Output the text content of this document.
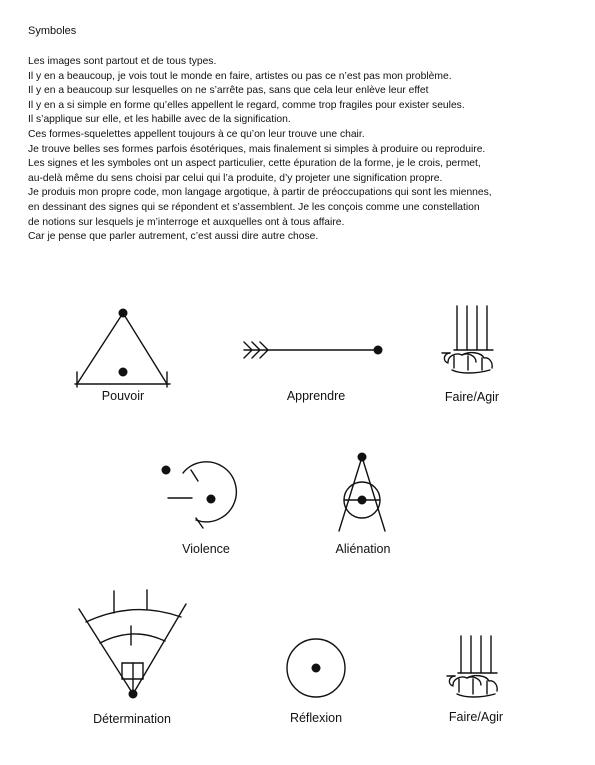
Symboles
Les images sont partout et de tous types.
Il y en a beaucoup, je vois tout le monde en faire, artistes ou pas ce n’est pas mon problème.
Il y en a beaucoup sur lesquelles on ne s’arrête pas, sans que cela leur enlève leur effet
Il y en a si simple en forme qu’elles appellent le regard, comme trop fragiles pour exister seules.
Il s’applique sur elle, et les habille avec de la signification.
Ces formes-squelettes appellent toujours à ce qu’on leur trouve une chair.
Je trouve belles ses formes parfois ésotériques, mais finalement si simples à produire ou reproduire.
Les signes et les symboles ont un aspect particulier, cette épuration de la forme, je le crois, permet,
au-delà même du sens choisi par celui qui l’a produite, d’y projeter une signification propre.
Je produis mon propre code, mon langage argotique, à partir de préoccupations qui sont les miennes,
en dessinant des signes qui se répondent et s’assemblent. Je les conçois comme une constellation
de notions sur lesquels je m’interroge et auxquelles ont à tous affaire.
Car je pense que parler autrement, c’est aussi dire autre chose.
Pouvoir	Apprendre	Faire/Agir
Violence	Aliénation
Détermination	Réflexion	Faire/Agir
